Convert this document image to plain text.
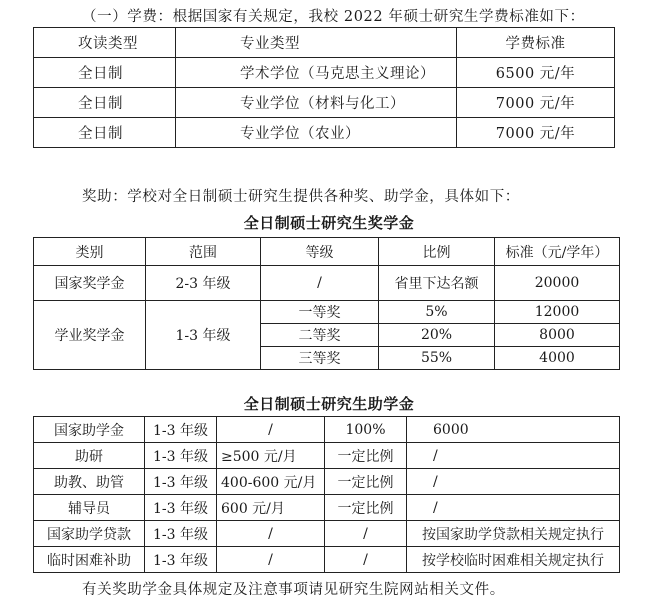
（一）学费：根据国家有关规定，我校 2022 年硕士研究生学费标准如下：
攻读类型	专业类型	学费标准
全日制	学术学位（马克思主义理论）	6500 元/年
全日制	专业学位（材料与化工）	7000 元/年
全日制	专业学位（农业）	7000 元/年
奖助：学校对全日制硕士研究生提供各种奖、助学金，具体如下：
全日制硕士研究生奖学金
类别	范围	等级	比例	标准（元/学年）
国家奖学金	2-3 年级	/	省里下达名额	20000
学业奖学金	1-3 年级	一等奖	5%	12000
		二等奖	20%	8000
		三等奖	55%	4000
全日制硕士研究生助学金
国家助学金	1-3 年级	/	100%	6000
助研	1-3 年级	≥500 元/月	一定比例	/
助教、助管	1-3 年级	400-600 元/月	一定比例	/
辅导员	1-3 年级	600 元/月	一定比例	/
国家助学贷款	1-3 年级	/	/	按国家助学贷款相关规定执行
临时困难补助	1-3 年级	/	/	按学校临时困难相关规定执行
有关奖助学金具体规定及注意事项请见研究生院网站相关文件。
